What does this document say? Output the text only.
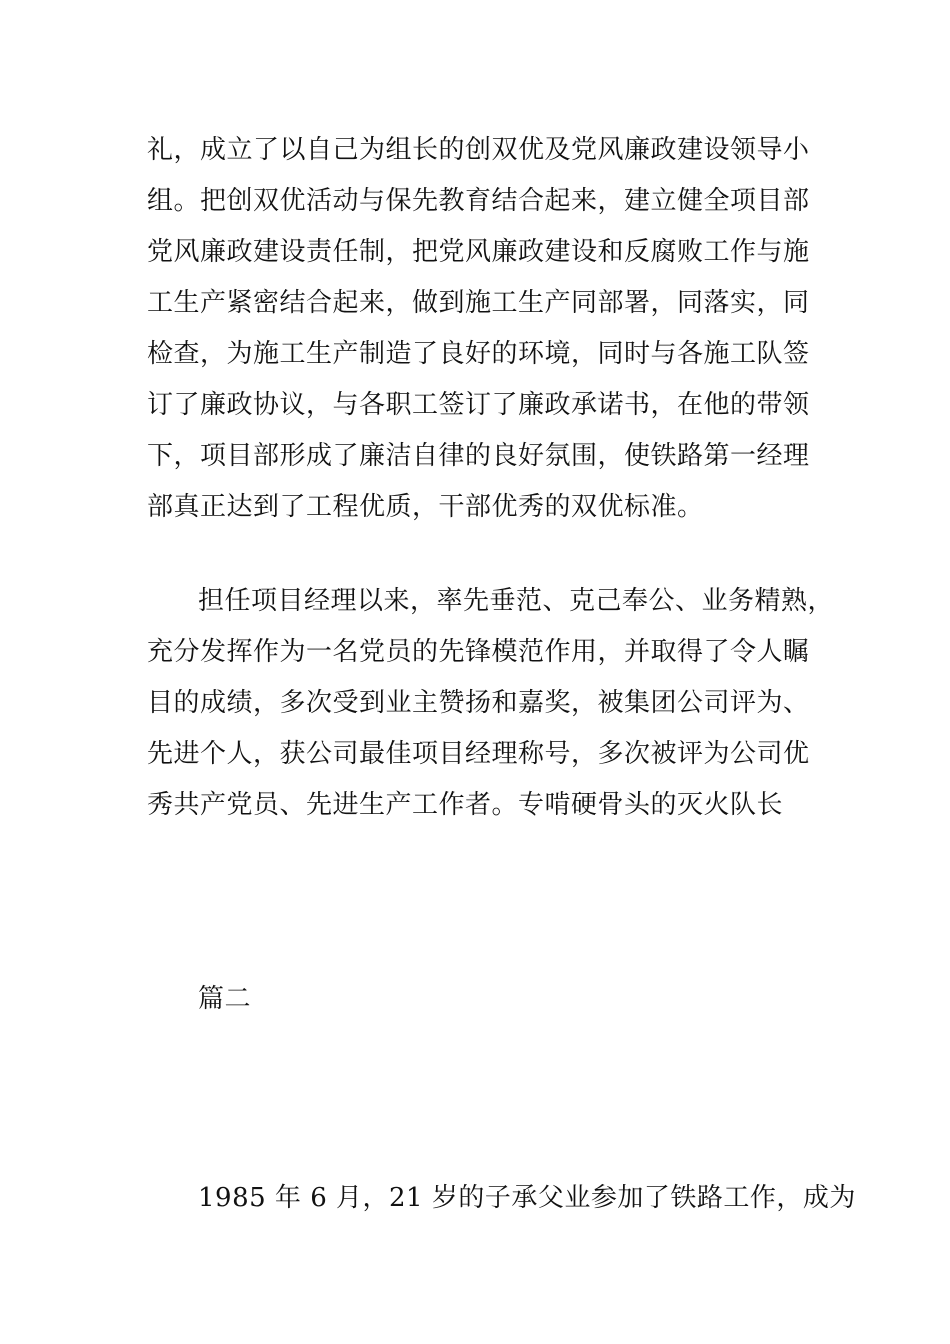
礼，成立了以自己为组长的创双优及党风廉政建设领导小
组。把创双优活动与保先教育结合起来，建立健全项目部
党风廉政建设责任制，把党风廉政建设和反腐败工作与施
工生产紧密结合起来，做到施工生产同部署，同落实，同
检查，为施工生产制造了良好的环境，同时与各施工队签
订了廉政协议，与各职工签订了廉政承诺书，在他的带领
下，项目部形成了廉洁自律的良好氛围，使铁路第一经理
部真正达到了工程优质，干部优秀的双优标准。
担任项目经理以来，率先垂范、克己奉公、业务精熟，
充分发挥作为一名党员的先锋模范作用，并取得了令人瞩
目的成绩，多次受到业主赞扬和嘉奖，被集团公司评为、
先进个人，获公司最佳项目经理称号，多次被评为公司优
秀共产党员、先进生产工作者。专啃硬骨头的灭火队长
篇二
1985 年 6 月，21 岁的子承父业参加了铁路工作，成为
